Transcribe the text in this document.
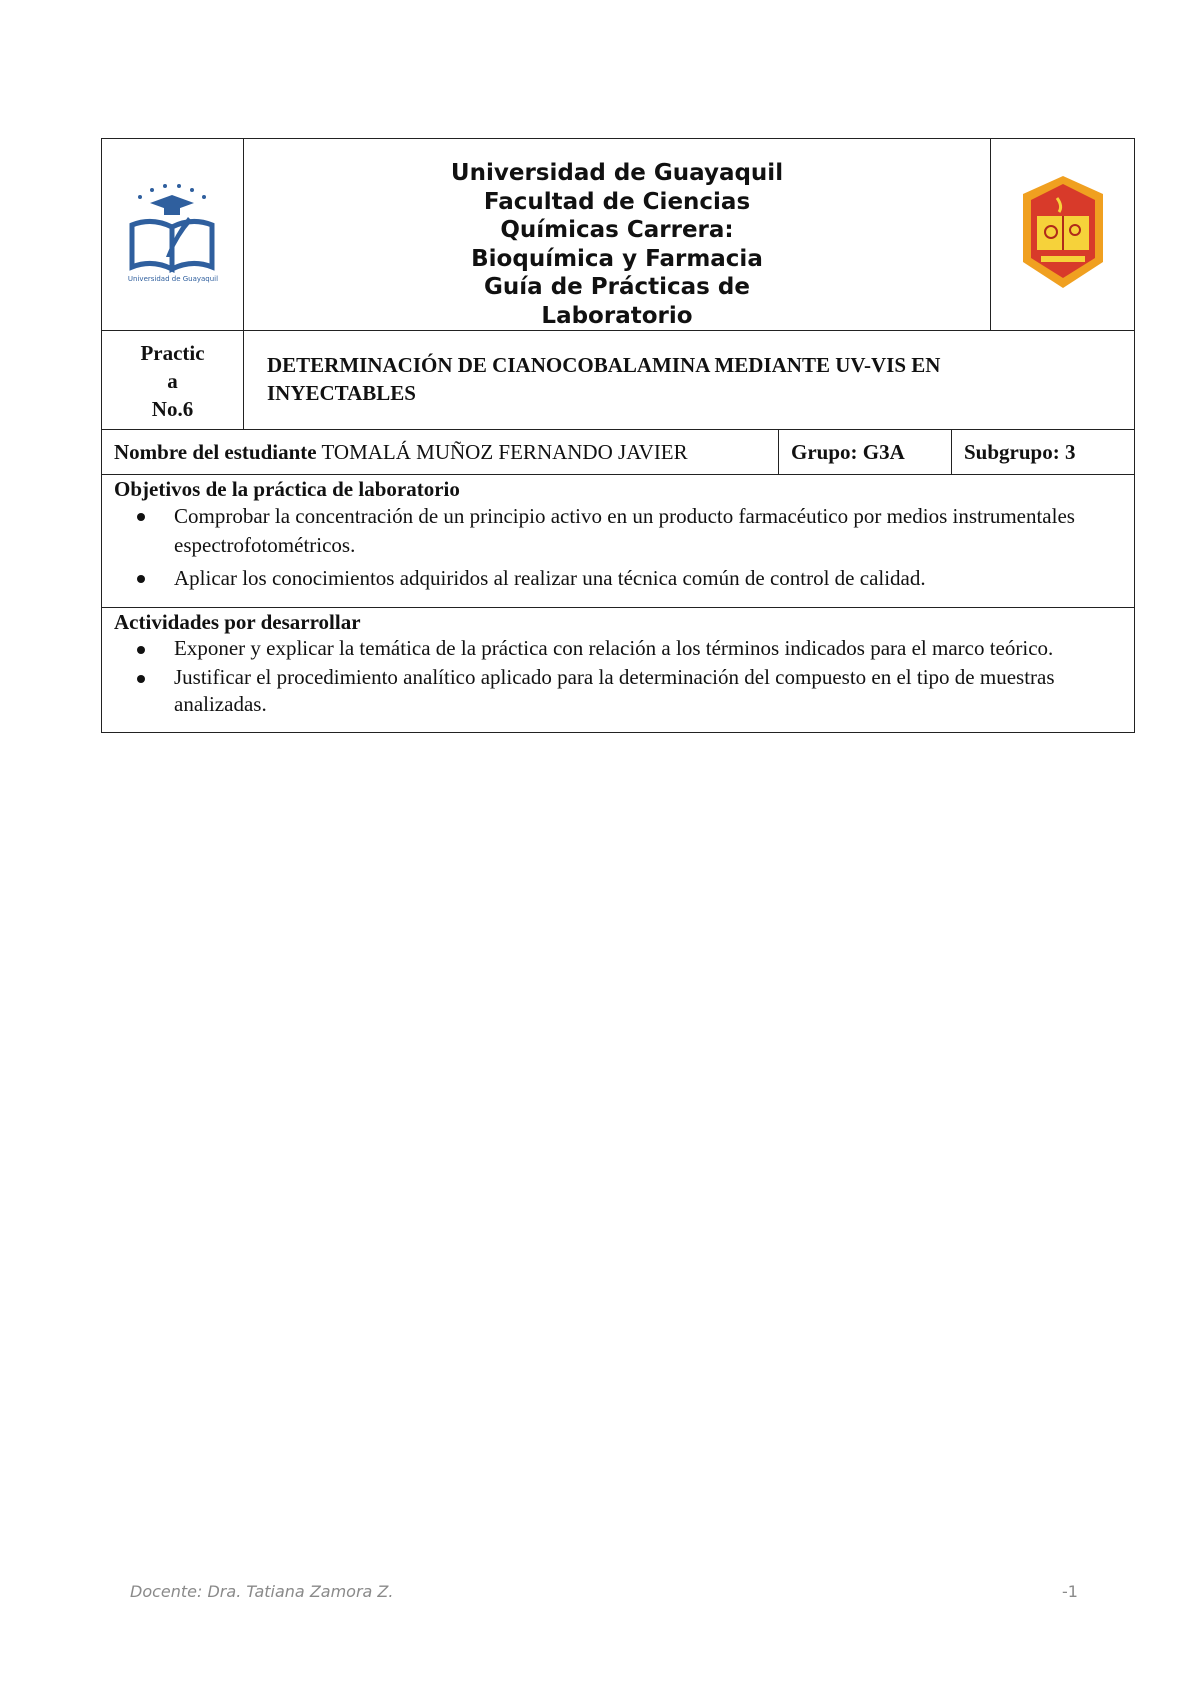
Universidad de Guayaquil

Universidad de Guayaquil
Facultad de Ciencias
Químicas Carrera:
Bioquímica y Farmacia
Guía de Prácticas de
Laboratorio

Practic
a
No.6

DETERMINACIÓN DE CIANOCOBALAMINA MEDIANTE UV-VIS EN
INYECTABLES
Nombre del estudiante TOMALÁ MUÑOZ FERNANDO JAVIER	Grupo: G3A	Subgrupo: 3
Objetivos de la práctica de laboratorio
Comprobar la concentración de un principio activo en un producto farmacéutico por medios instrumentales espectrofotométricos.
Aplicar los conocimientos adquiridos al realizar una técnica común de control de calidad.
Actividades por desarrollar
Exponer y explicar la temática de la práctica con relación a los términos indicados para el marco teórico.
Justificar el procedimiento analítico aplicado para la determinación del compuesto en el tipo de muestras analizadas.
Docente: Dra. Tatiana Zamora Z.	-1
